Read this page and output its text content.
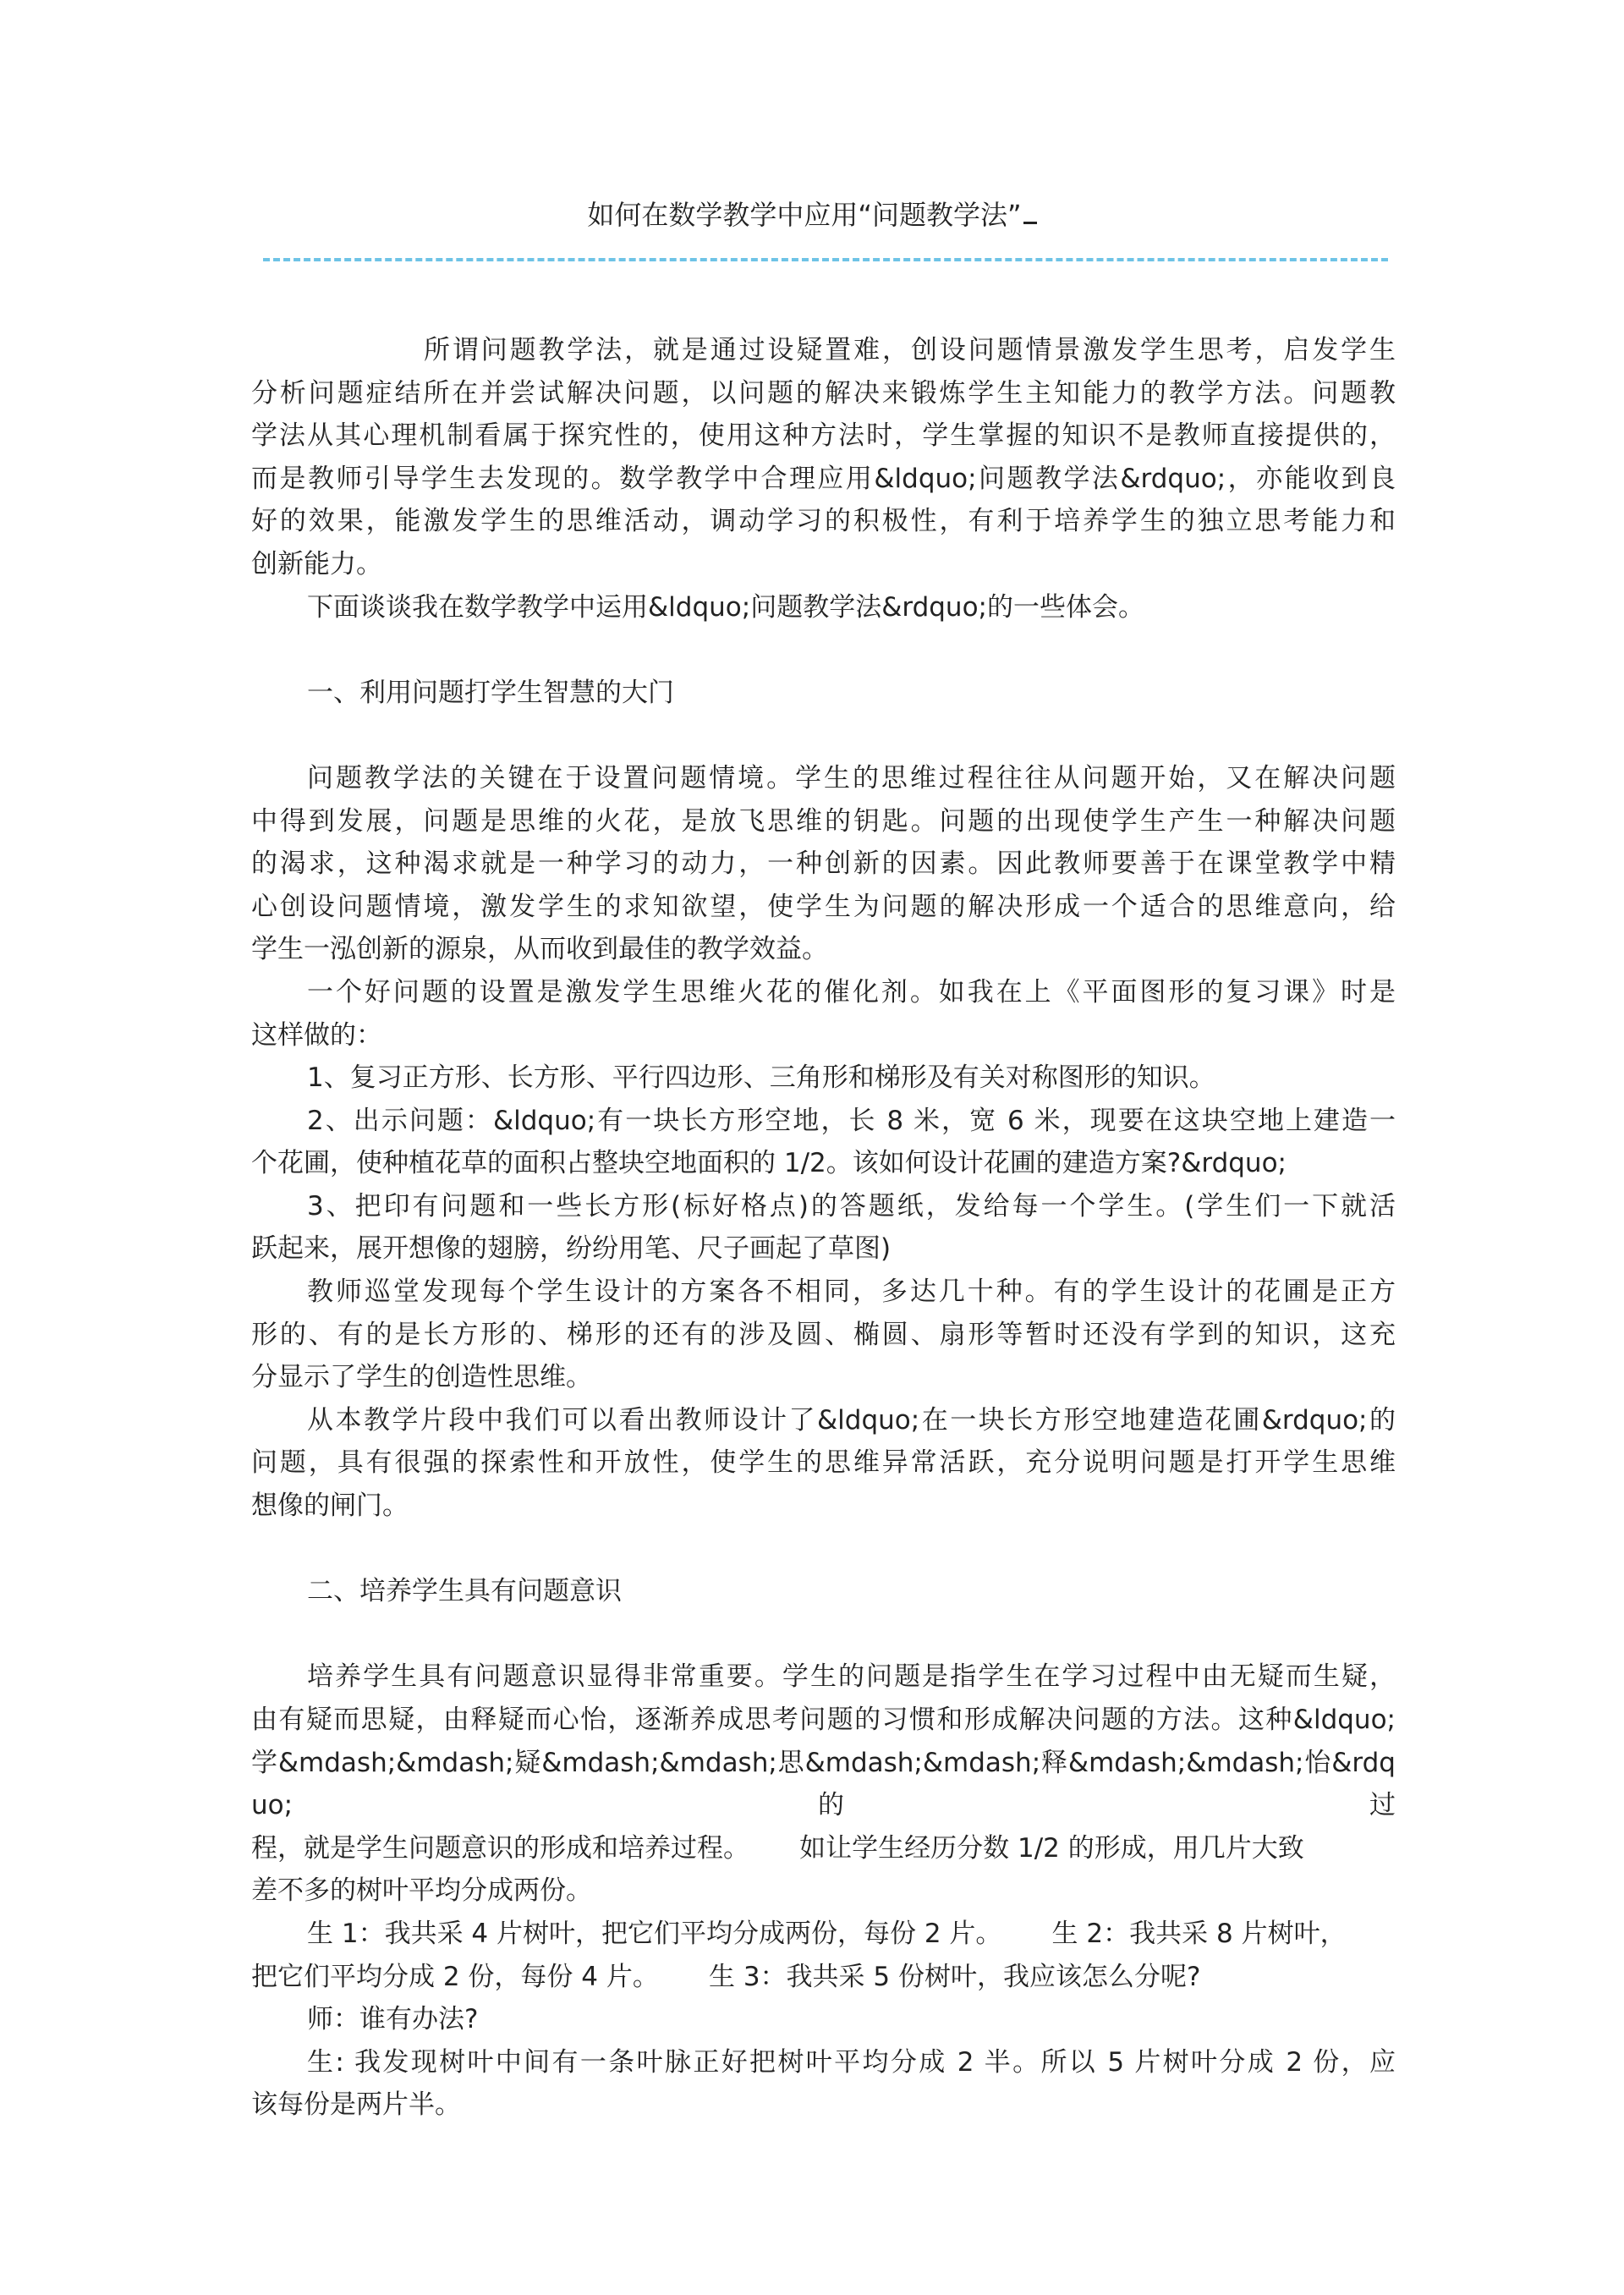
如何在数学教学中应用“问题教学法”
所谓问题教学法，就是通过设疑置难，创设问题情景激发学生思考，启发学生
分析问题症结所在并尝试解决问题，以问题的解决来锻炼学生主知能力的教学方法。问题教
学法从其心理机制看属于探究性的，使用这种方法时，学生掌握的知识不是教师直接提供的，
而是教师引导学生去发现的。数学教学中合理应用&ldquo;问题教学法&rdquo;，亦能收到良
好的效果，能激发学生的思维活动，调动学习的积极性，有利于培养学生的独立思考能力和
创新能力。
下面谈谈我在数学教学中运用&ldquo;问题教学法&rdquo;的一些体会。
一、利用问题打学生智慧的大门
问题教学法的关键在于设置问题情境。学生的思维过程往往从问题开始，又在解决问题
中得到发展，问题是思维的火花，是放飞思维的钥匙。问题的出现使学生产生一种解决问题
的渴求，这种渴求就是一种学习的动力，一种创新的因素。因此教师要善于在课堂教学中精
心创设问题情境，激发学生的求知欲望，使学生为问题的解决形成一个适合的思维意向，给
学生一泓创新的源泉，从而收到最佳的教学效益。
一个好问题的设置是激发学生思维火花的催化剂。如我在上《平面图形的复习课》时是
这样做的：
1、复习正方形、长方形、平行四边形、三角形和梯形及有关对称图形的知识。
2、出示问题：&ldquo;有一块长方形空地，长 8 米，宽 6 米，现要在这块空地上建造一
个花圃，使种植花草的面积占整块空地面积的 1/2。该如何设计花圃的建造方案?&rdquo;
3、把印有问题和一些长方形(标好格点)的答题纸，发给每一个学生。(学生们一下就活
跃起来，展开想像的翅膀，纷纷用笔、尺子画起了草图)
教师巡堂发现每个学生设计的方案各不相同，多达几十种。有的学生设计的花圃是正方
形的、有的是长方形的、梯形的还有的涉及圆、椭圆、扇形等暂时还没有学到的知识，这充
分显示了学生的创造性思维。
从本教学片段中我们可以看出教师设计了&ldquo;在一块长方形空地建造花圃&rdquo;的
问题，具有很强的探索性和开放性，使学生的思维异常活跃，充分说明问题是打开学生思维
想像的闸门。
二、培养学生具有问题意识
培养学生具有问题意识显得非常重要。学生的问题是指学生在学习过程中由无疑而生疑，
由有疑而思疑，由释疑而心怡，逐渐养成思考问题的习惯和形成解决问题的方法。这种&ldquo;
学&mdash;&mdash;疑&mdash;&mdash;思&mdash;&mdash;释&mdash;&mdash;怡&rdquo;的过
程，就是学生问题意识的形成和培养过程。      如让学生经历分数 1/2 的形成，用几片大致
差不多的树叶平均分成两份。
生 1：我共采 4 片树叶，把它们平均分成两份，每份 2 片。      生 2：我共采 8 片树叶，
把它们平均分成 2 份，每份 4 片。      生 3：我共采 5 份树叶，我应该怎么分呢?
师：谁有办法?
生: 我发现树叶中间有一条叶脉正好把树叶平均分成 2 半。所以 5 片树叶分成 2 份，应
该每份是两片半。
